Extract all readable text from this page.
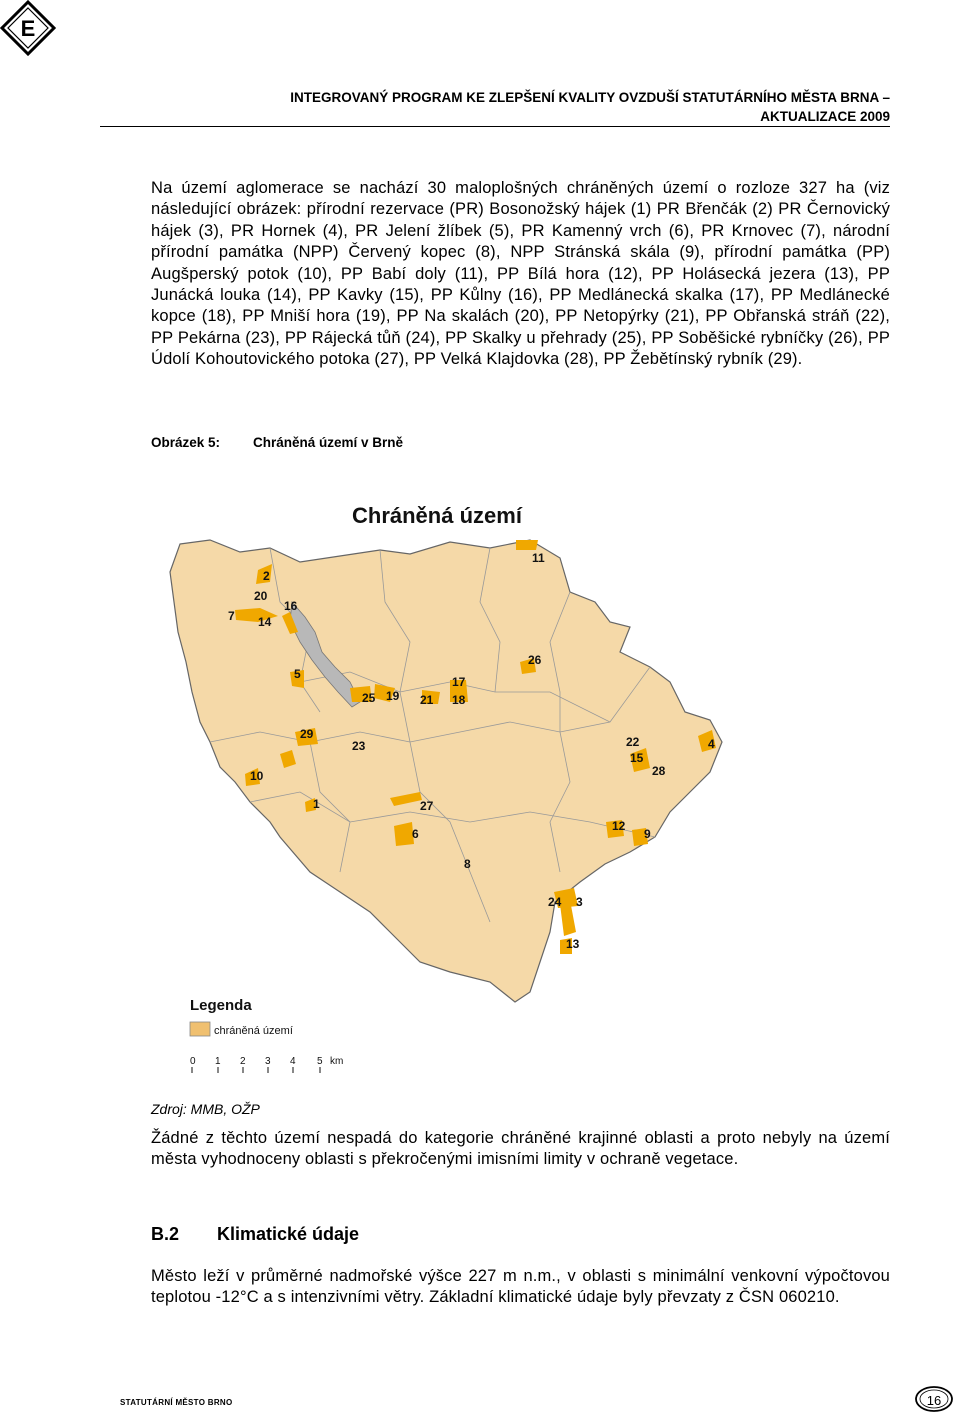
E
INTEGROVANÝ PROGRAM KE ZLEPŠENÍ KVALITY OVZDUŠÍ STATUTÁRNÍHO MĚSTA BRNA –
AKTUALIZACE 2009
Na území aglomerace se nachází 30 maloplošných chráněných území o rozloze 327 ha (viz následující obrázek: přírodní rezervace (PR) Bosonožský hájek (1) PR Břenčák (2) PR Černovický hájek (3), PR Hornek (4), PR Jelení žlíbek (5), PR Kamenný vrch (6), PR Krnovec (7), národní přírodní památka (NPP) Červený kopec (8), NPP Stránská skála (9), přírodní památka (PP) Augšperský potok (10), PP Babí doly (11), PP Bílá hora (12), PP Holásecká jezera (13), PP Junácká louka (14), PP Kavky (15), PP Kůlny (16), PP Medlánecká skalka (17), PP Medlánecké kopce (18), PP Mniší hora (19), PP Na skalách (20), PP Netopýrky (21), PP Obřanská stráň (22), PP Pekárna (23), PP Rájecká tůň (24), PP Skalky u přehrady (25), PP Soběšické rybníčky (26), PP Údolí Kohoutovického potoka (27), PP Velká Klajdovka (28), PP Žebětínský rybník (29).
Obrázek 5: Chráněná území v Brně
Chráněná území
1
2
3
4
5
6
7
8
9
10
11
12
13
14
15
16
17
18
19
20
21
22
23
24
25
26
27
28
29
Legenda
chráněná území
0 1 2 3 4 5 km
Zdroj: MMB, OŽP
Žádné z těchto území nespadá do kategorie chráněné krajinné oblasti a proto nebyly na území města vyhodnoceny oblasti s překročenými imisními limity v ochraně vegetace.
B.2 Klimatické údaje
Město leží v průměrné nadmořské výšce 227 m n.m., v oblasti s minimální venkovní výpočtovou teplotou -12°C a s intenzivními větry. Základní klimatické údaje byly převzaty z ČSN 060210.
STATUTÁRNÍ MĚSTO BRNO	16
